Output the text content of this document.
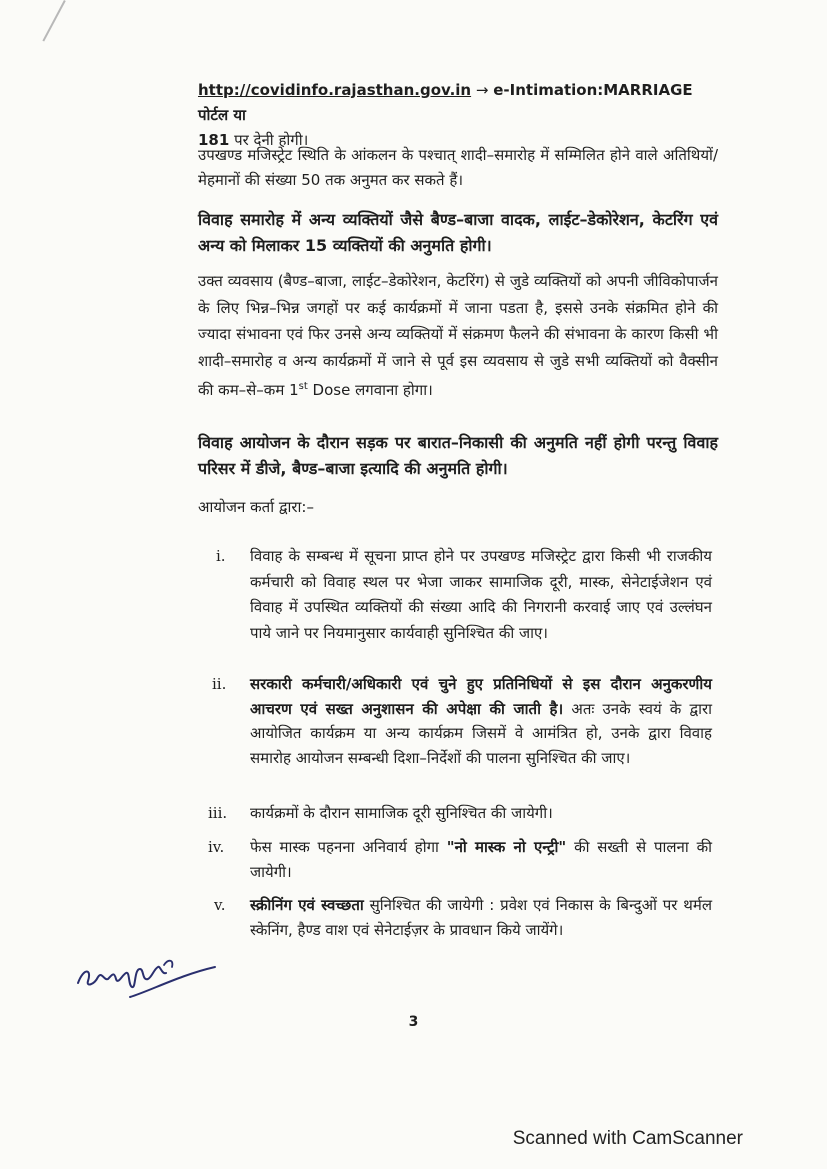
http://covidinfo.rajasthan.gov.in → e-Intimation:MARRIAGE पोर्टल या
181 पर देनी होगी।

उपखण्ड मजिस्ट्रेट स्थिति के आंकलन के पश्चात् शादी–समारोह में सम्मिलित होने वाले अतिथियों/मेहमानों की संख्या 50 तक अनुमत कर सकते हैं।

विवाह समारोह में अन्य व्यक्तियों जैसे बैण्ड–बाजा वादक, लाईट–डेकोरेशन, केटरिंग एवं अन्य को मिलाकर 15 व्यक्तियों की अनुमति होगी।

उक्त व्यवसाय (बैण्ड–बाजा, लाईट–डेकोरेशन, केटरिंग) से जुडे व्यक्तियों को अपनी जीविकोपार्जन के लिए भिन्न–भिन्न जगहों पर कई कार्यक्रमों में जाना पडता है, इससे उनके संक्रमित होने की ज्यादा संभावना एवं फिर उनसे अन्य व्यक्तियों में संक्रमण फैलने की संभावना के कारण किसी भी शादी–समारोह व अन्य कार्यक्रमों में जाने से पूर्व इस व्यवसाय से जुडे सभी व्यक्तियों को वैक्सीन की कम–से–कम 1st Dose लगवाना होगा।

विवाह आयोजन के दौरान सड़क पर बारात–निकासी की अनुमति नहीं होगी परन्तु विवाह परिसर में डीजे, बैण्ड–बाजा इत्यादि की अनुमति होगी।

आयोजन कर्ता द्वारा:–

i.	विवाह के सम्बन्ध में सूचना प्राप्त होने पर उपखण्ड मजिस्ट्रेट द्वारा किसी भी राजकीय कर्मचारी को विवाह स्थल पर भेजा जाकर सामाजिक दूरी, मास्क, सेनेटाईजेशन एवं विवाह में उपस्थित व्यक्तियों की संख्या आदि की निगरानी करवाई जाए एवं उल्लंघन पाये जाने पर नियमानुसार कार्यवाही सुनिश्चित की जाए।
ii.	सरकारी कर्मचारी/अधिकारी एवं चुने हुए प्रतिनिधियों से इस दौरान अनुकरणीय आचरण एवं सख्त अनुशासन की अपेक्षा की जाती है। अतः उनके स्वयं के द्वारा आयोजित कार्यक्रम या अन्य कार्यक्रम जिसमें वे आमंत्रित हो, उनके द्वारा विवाह समारोह आयोजन सम्बन्धी दिशा–निर्देशों की पालना सुनिश्चित की जाए।
iii.	कार्यक्रमों के दौरान सामाजिक दूरी सुनिश्चित की जायेगी।
iv.	फेस मास्क पहनना अनिवार्य होगा "नो मास्क नो एन्ट्री" की सख्ती से पालना की जायेगी।
v.	स्क्रीनिंग एवं स्वच्छता सुनिश्चित की जायेगी : प्रवेश एवं निकास के बिन्दुओं पर थर्मल स्केनिंग, हैण्ड वाश एवं सेनेटाईज़र के प्रावधान किये जायेंगे।
3
Scanned with CamScanner
